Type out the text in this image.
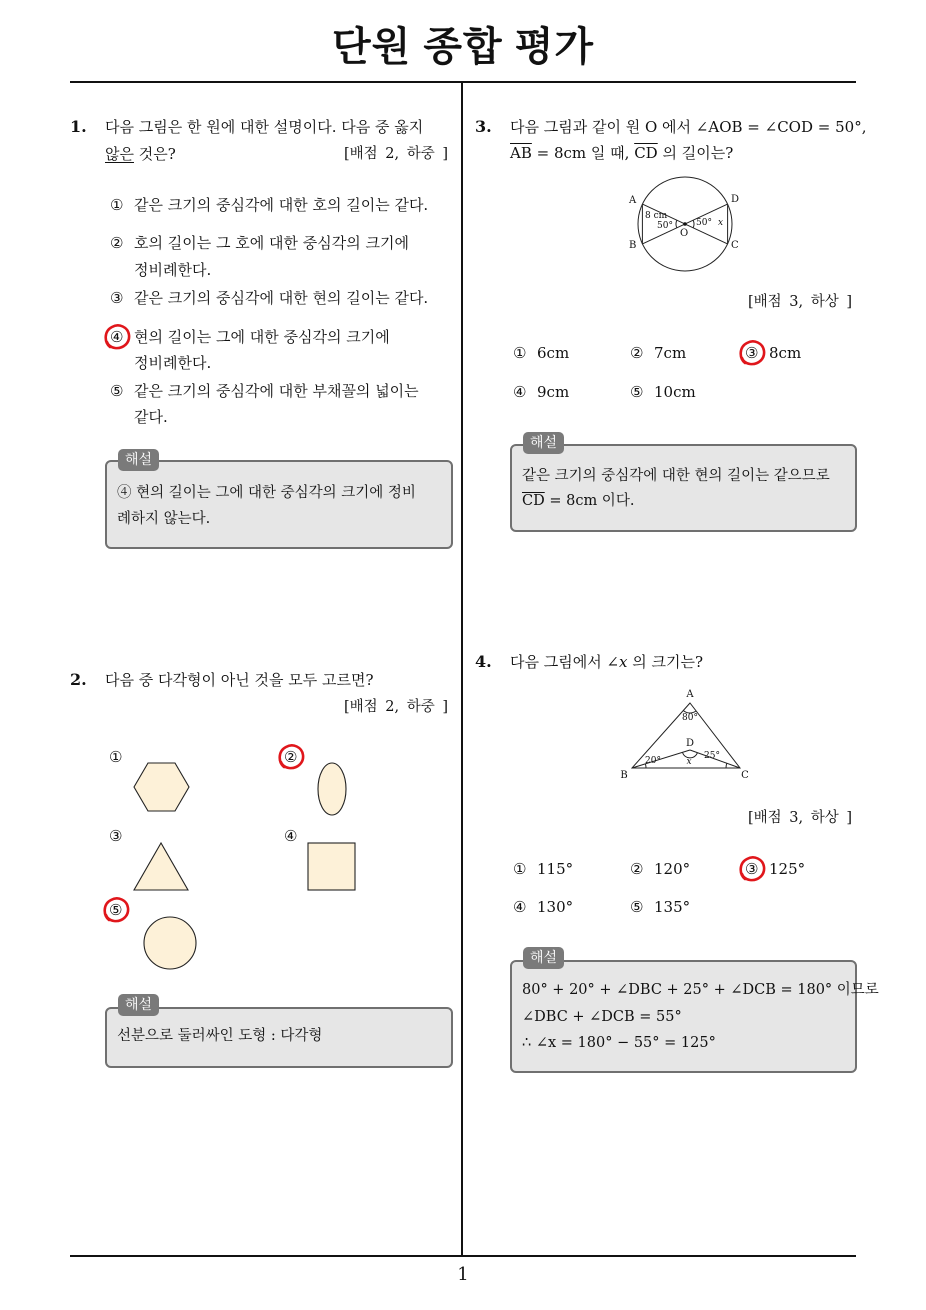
단원 종합 평가
1
1. 다음 그림은 한 원에 대한 설명이다. 다음 중 옳지
않은 것은?	[배점 2, 하중 ]
① 같은 크기의 중심각에 대한 호의 길이는 같다.
② 호의 길이는 그 호에 대한 중심각의 크기에
정비례한다.
③ 같은 크기의 중심각에 대한 현의 길이는 같다.
④ 현의 길이는 그에 대한 중심각의 크기에
정비례한다.
⑤ 같은 크기의 중심각에 대한 부채꼴의 넓이는
같다.
해설
④ 현의 길이는 그에 대한 중심각의 크기에 정비
례하지 않는다.
2. 다음 중 다각형이 아닌 것을 모두 고르면?
[배점 2, 하중 ]
①	②
③	④
⑤
해설
선분으로 둘러싸인 도형 : 다각형
3. 다음 그림과 같이 원 O 에서 ∠AOB = ∠COD = 50°,
$\overline{AB} = 8cm$ 일 때, $\overline{CD}$ 의 길이는?
A
B	C
D
O
8 cm
50°	50° x
[배점 3, 하상 ]
① 6cm	② 7cm	③ 8cm
④ 9cm	⑤ 10cm
해설
같은 크기의 중심각에 대한 현의 길이는 같으므로
$\overline{CD} = 8cm$ 이다.
4. 다음 그림에서 ∠x 의 크기는?
A
B	C
D
80°
20°	25°
x
[배점 3, 하상 ]
① 115°	② 120°	③ 125°
④ 130°	⑤ 135°
해설
80° + 20° + ∠DBC + 25° + ∠DCB = 180° 이므로
∠DBC + ∠DCB = 55°
∴ ∠x = 180° − 55° = 125°
